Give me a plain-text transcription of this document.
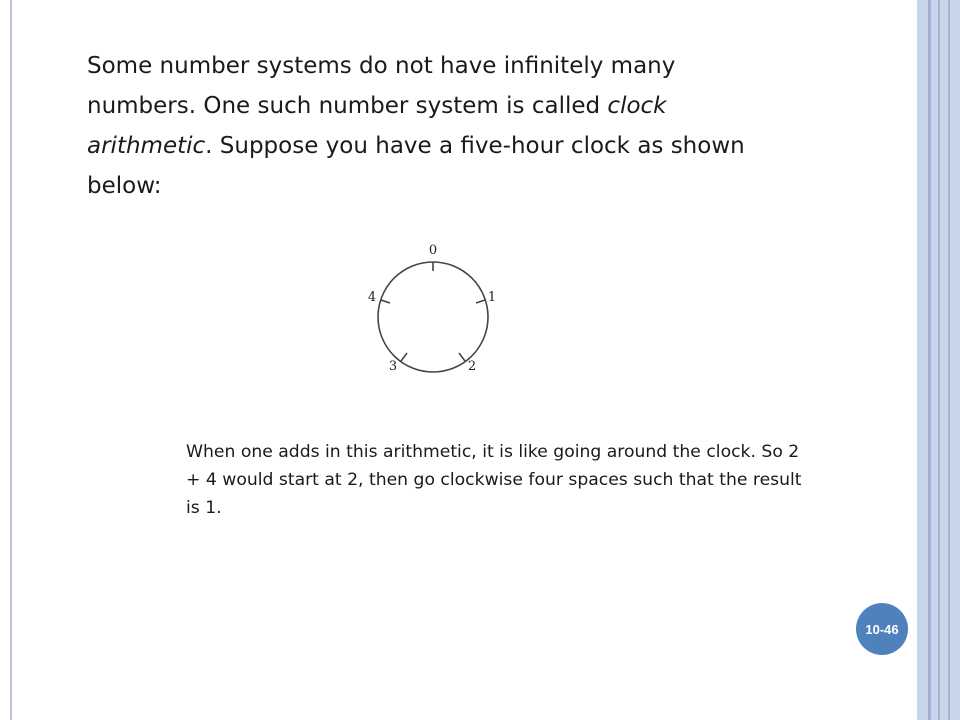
Some number systems do not have infinitely many numbers. One such number system is called clock arithmetic. Suppose you have a five-hour clock as shown below:

0
1
2
3
4

When one adds in this arithmetic, it is like going around the clock. So 2 + 4 would start at 2, then go clockwise four spaces such that the result is 1.

10-46
